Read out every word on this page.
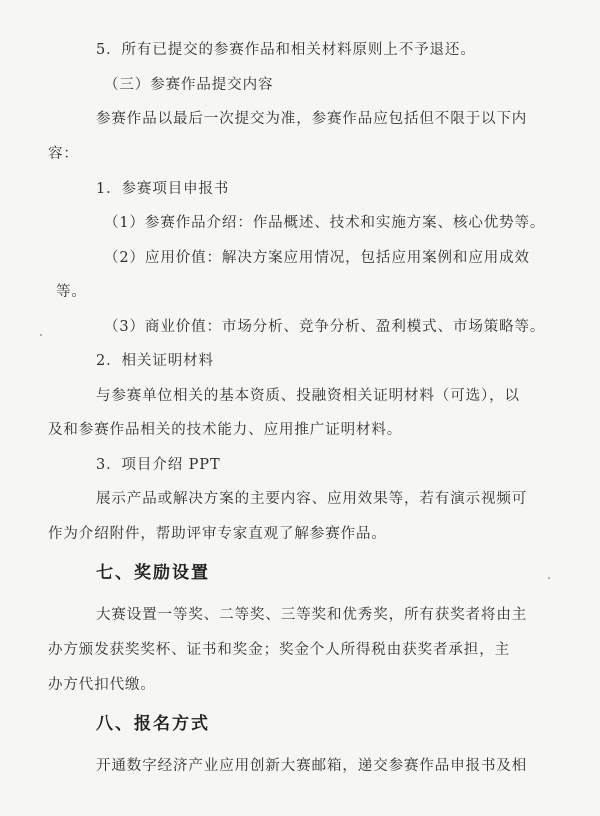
5．所有已提交的参赛作品和相关材料原则上不予退还。
（三）参赛作品提交内容
参赛作品以最后一次提交为准，参赛作品应包括但不限于以下内
容：
1．参赛项目申报书
（1）参赛作品介绍：作品概述、技术和实施方案、核心优势等。
（2）应用价值：解决方案应用情况，包括应用案例和应用成效
等。
（3）商业价值：市场分析、竞争分析、盈利模式、市场策略等。
2．相关证明材料
与参赛单位相关的基本资质、投融资相关证明材料（可选），以
及和参赛作品相关的技术能力、应用推广证明材料。
3．项目介绍 PPT
展示产品或解决方案的主要内容、应用效果等，若有演示视频可
作为介绍附件，帮助评审专家直观了解参赛作品。
七、奖励设置
大赛设置一等奖、二等奖、三等奖和优秀奖，所有获奖者将由主
办方颁发获奖奖杯、证书和奖金；奖金个人所得税由获奖者承担，主
办方代扣代缴。
八、报名方式
开通数字经济产业应用创新大赛邮箱，递交参赛作品申报书及相
